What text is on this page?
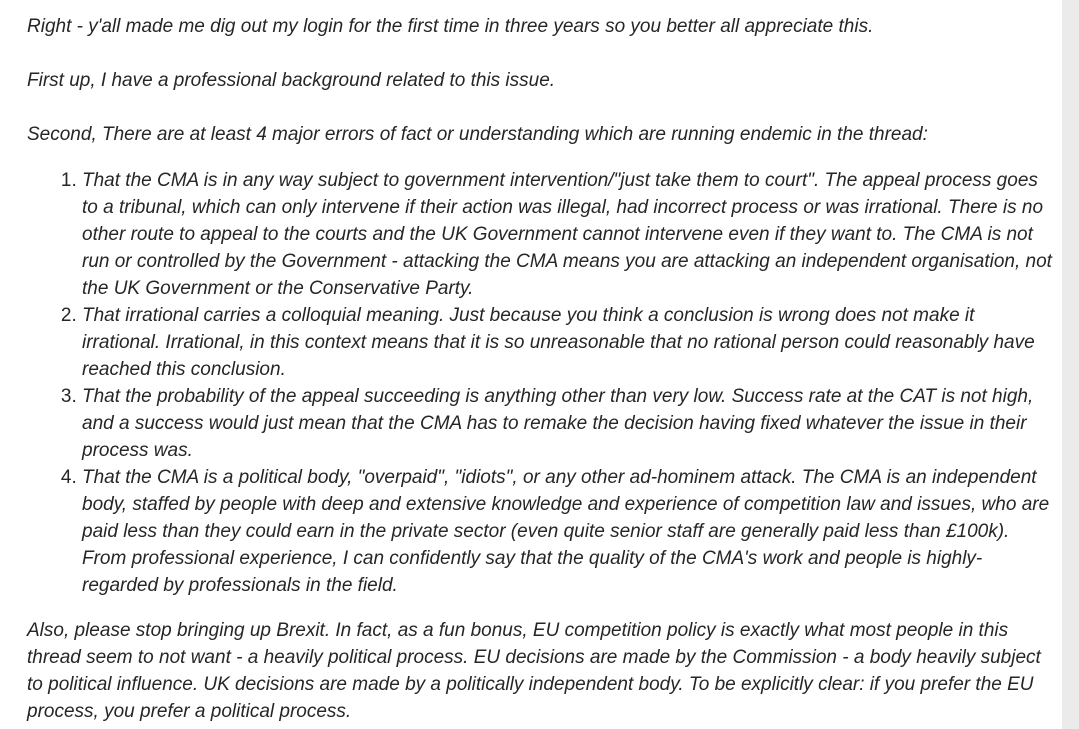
Right - y'all made me dig out my login for the first time in three years so you better all appreciate this.

First up, I have a professional background related to this issue.

Second, There are at least 4 major errors of fact or understanding which are running endemic in the thread:

1. That the CMA is in any way subject to government intervention/"just take them to court". The appeal process goes to a tribunal, which can only intervene if their action was illegal, had incorrect process or was irrational. There is no other route to appeal to the courts and the UK Government cannot intervene even if they want to. The CMA is not run or controlled by the Government - attacking the CMA means you are attacking an independent organisation, not the UK Government or the Conservative Party.
2. That irrational carries a colloquial meaning. Just because you think a conclusion is wrong does not make it irrational. Irrational, in this context means that it is so unreasonable that no rational person could reasonably have reached this conclusion.
3. That the probability of the appeal succeeding is anything other than very low. Success rate at the CAT is not high, and a success would just mean that the CMA has to remake the decision having fixed whatever the issue in their process was.
4. That the CMA is a political body, "overpaid", "idiots", or any other ad-hominem attack. The CMA is an independent body, staffed by people with deep and extensive knowledge and experience of competition law and issues, who are paid less than they could earn in the private sector (even quite senior staff are generally paid less than £100k). From professional experience, I can confidently say that the quality of the CMA's work and people is highly-regarded by professionals in the field.

Also, please stop bringing up Brexit. In fact, as a fun bonus, EU competition policy is exactly what most people in this thread seem to not want - a heavily political process. EU decisions are made by the Commission - a body heavily subject to political influence. UK decisions are made by a politically independent body. To be explicitly clear: if you prefer the EU process, you prefer a political process.
